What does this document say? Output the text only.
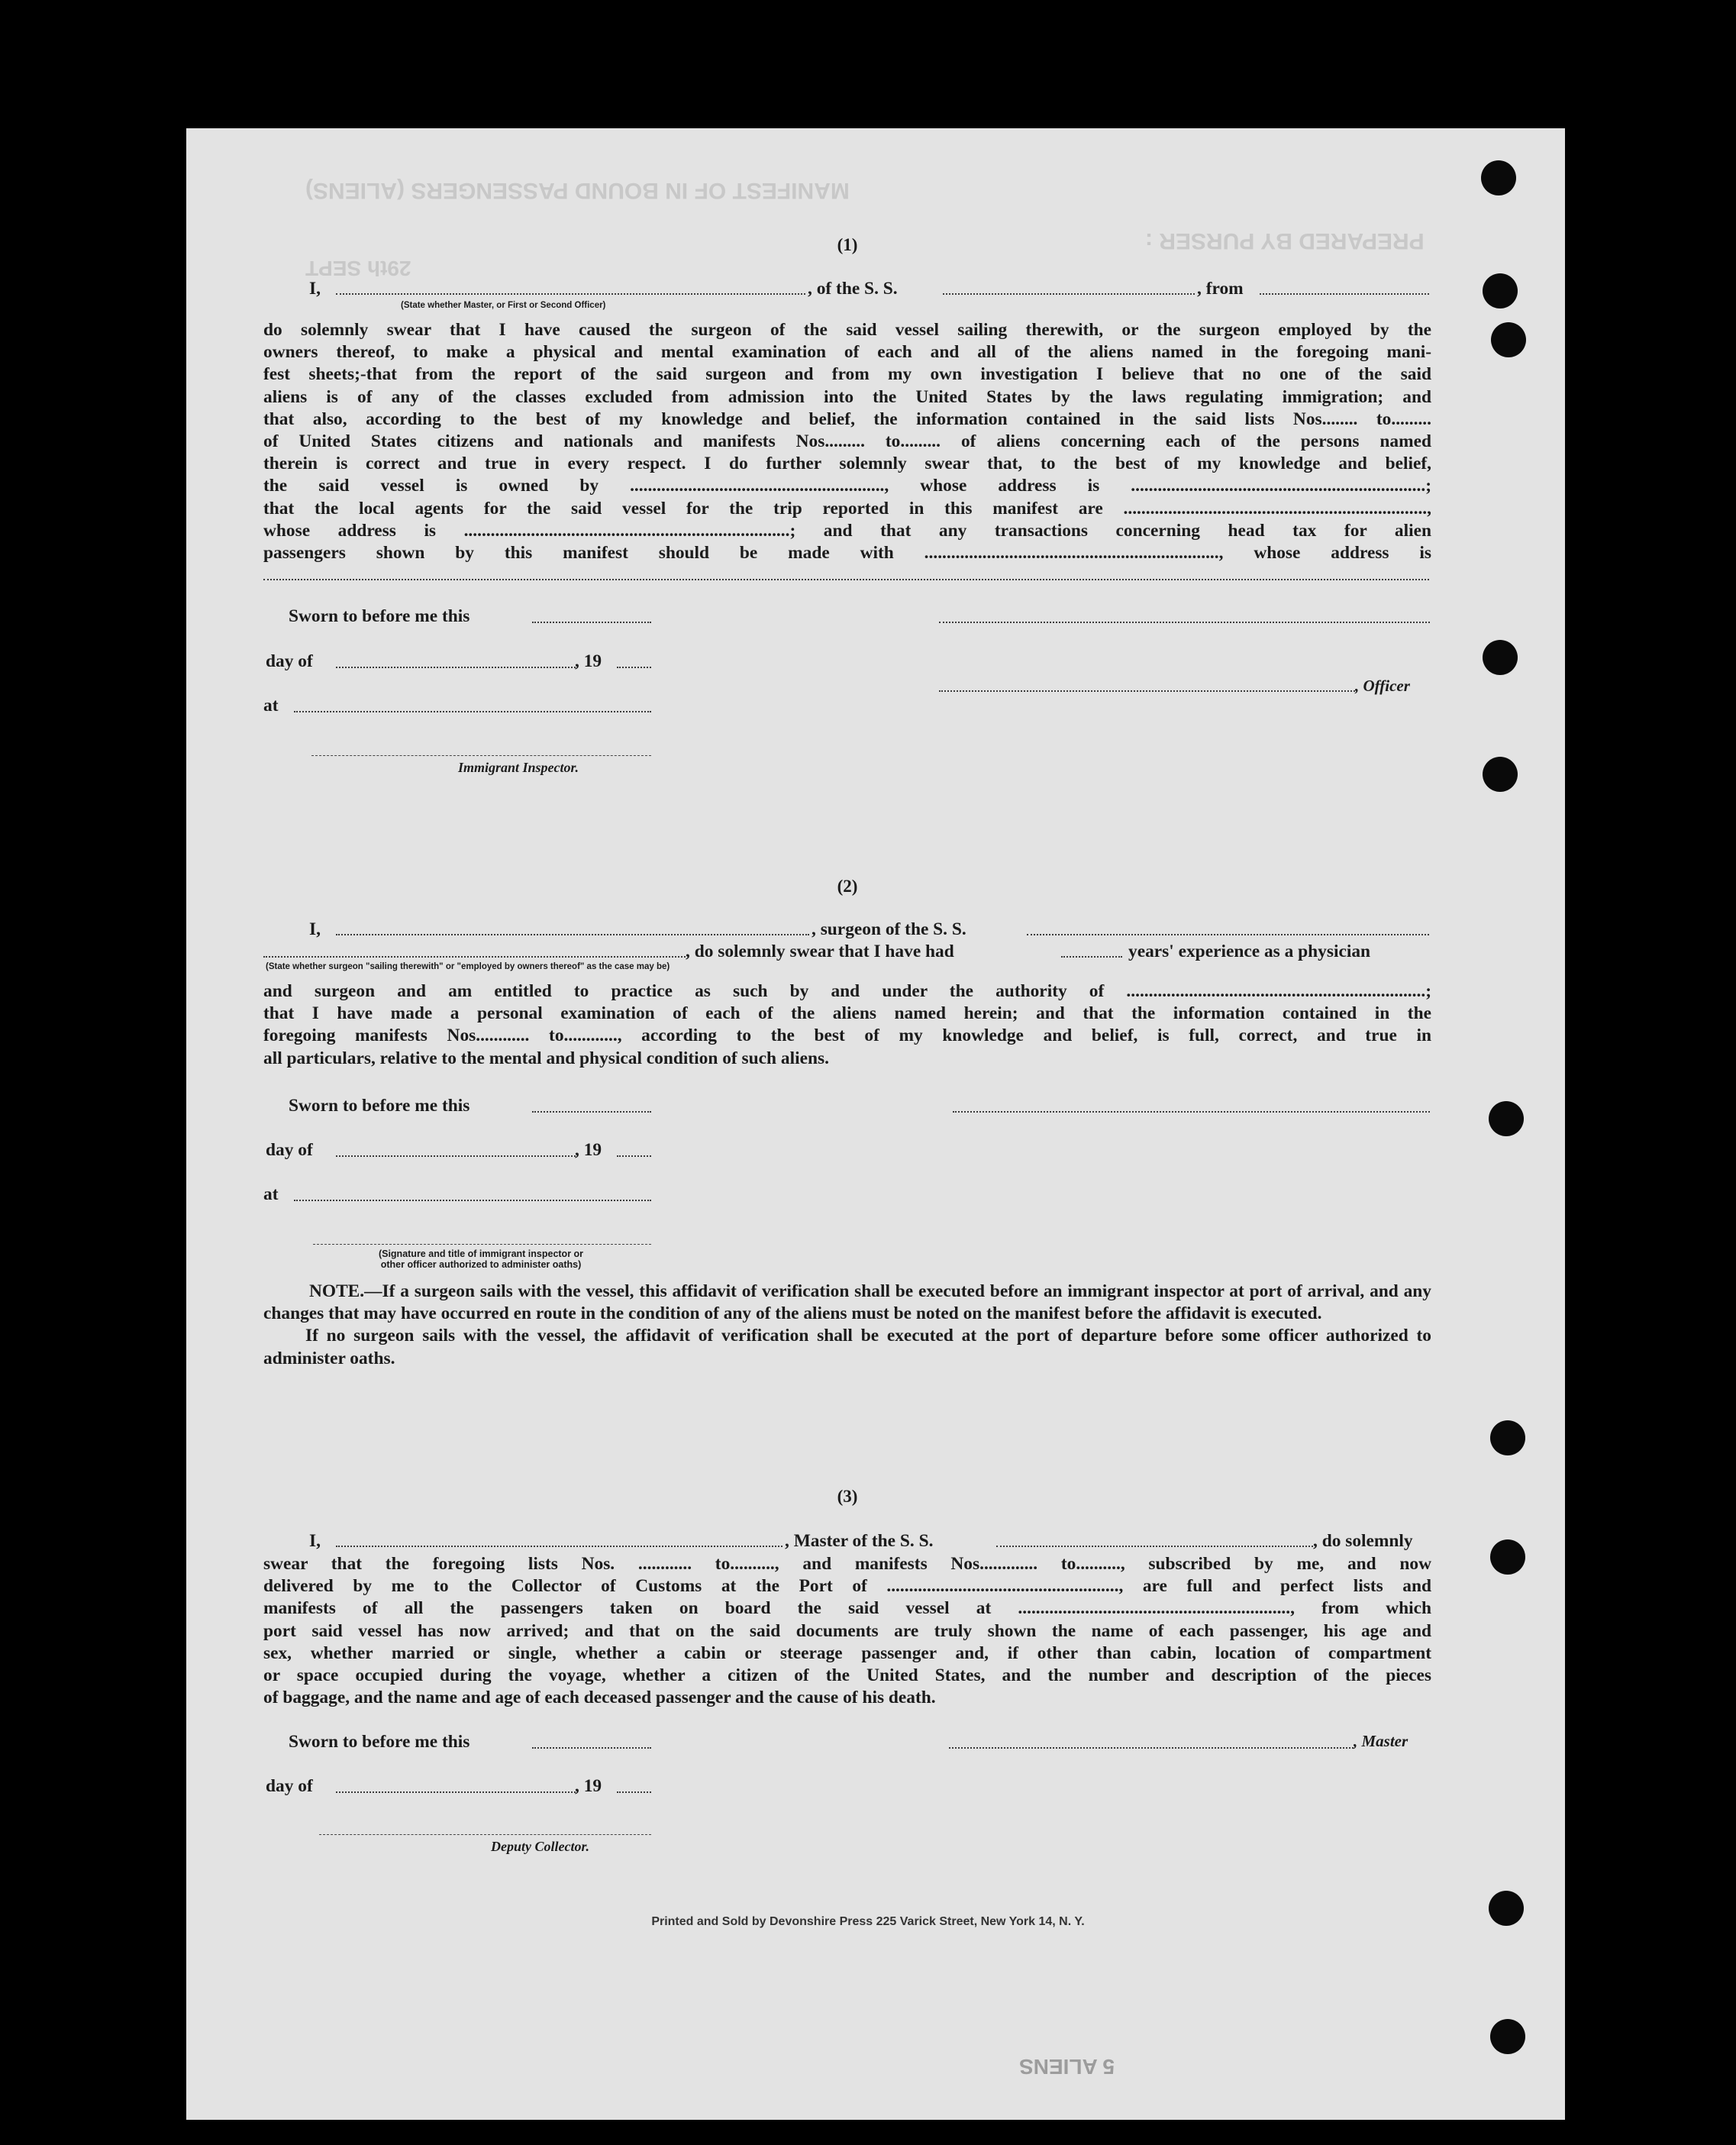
MANIFEST OF IN BOUND PASSENGERS (ALIENS)
PREPARED BY PURSER :
29th SEPT
5 ALIENS
(1)
I,	, of the S. S.	, from
(State whether Master, or First or Second Officer)

do solemnly swear that I have caused the surgeon of the said vessel sailing therewith, or the surgeon employed by the

owners thereof, to make a physical and mental examination of each and all of the aliens named in the foregoing mani-

fest sheets;-that from the report of the said surgeon and from my own investigation I believe that no one of the said

aliens is of any of the classes excluded from admission into the United States by the laws regulating immigration; and

that also, according to the best of my knowledge and belief, the information contained in the said lists Nos........ to.........

of United States citizens and nationals and manifests Nos......... to......... of aliens concerning each of the persons named

therein is correct and true in every respect. I do further solemnly swear that, to the best of my knowledge and belief,

the said vessel is owned by ........................................................., whose address is ..................................................................;

that the local agents for the said vessel for the trip reported in this manifest are ....................................................................,

whose address is .........................................................................; and that any transactions concerning head tax for alien

passengers shown by this manifest should be made with .................................................................., whose address is

Sworn to before me this
day of	, 19
, Officer
at
Immigrant Inspector.
(2)
I,	, surgeon of the S. S.
, do solemnly swear that I have had	years' experience as a physician
(State whether surgeon "sailing therewith" or "employed by owners thereof" as the case may be)

and surgeon and am entitled to practice as such by and under the authority of ...................................................................;

that I have made a personal examination of each of the aliens named herein; and that the information contained in the

foregoing manifests Nos............ to............, according to the best of my knowledge and belief, is full, correct, and true in

all particulars, relative to the mental and physical condition of such aliens.

Sworn to before me this
day of	, 19
at
(Signature and title of immigrant inspector or
other officer authorized to administer oaths)

NOTE.—If a surgeon sails with the vessel, this affidavit of verification shall be executed before an immigrant inspector at port of arrival, and any changes that may have occurred en route in the condition of any of the aliens must be noted on the manifest before the affidavit is executed.

If no surgeon sails with the vessel, the affidavit of verification shall be executed at the port of departure before some officer authorized to administer oaths.

(3)
I,	, Master of the S. S.	, do solemnly

swear that the foregoing lists Nos. ............ to.........., and manifests Nos............. to.........., subscribed by me, and now

delivered by me to the Collector of Customs at the Port of ...................................................., are full and perfect lists and

manifests of all the passengers taken on board the said vessel at ............................................................., from which

port said vessel has now arrived; and that on the said documents are truly shown the name of each passenger, his age and

sex, whether married or single, whether a cabin or steerage passenger and, if other than cabin, location of compartment

or space occupied during the voyage, whether a citizen of the United States, and the number and description of the pieces

of baggage, and the name and age of each deceased passenger and the cause of his death.

Sworn to before me this	, Master
day of	, 19
Deputy Collector.
Printed and Sold by Devonshire Press 225 Varick Street, New York 14, N. Y.
